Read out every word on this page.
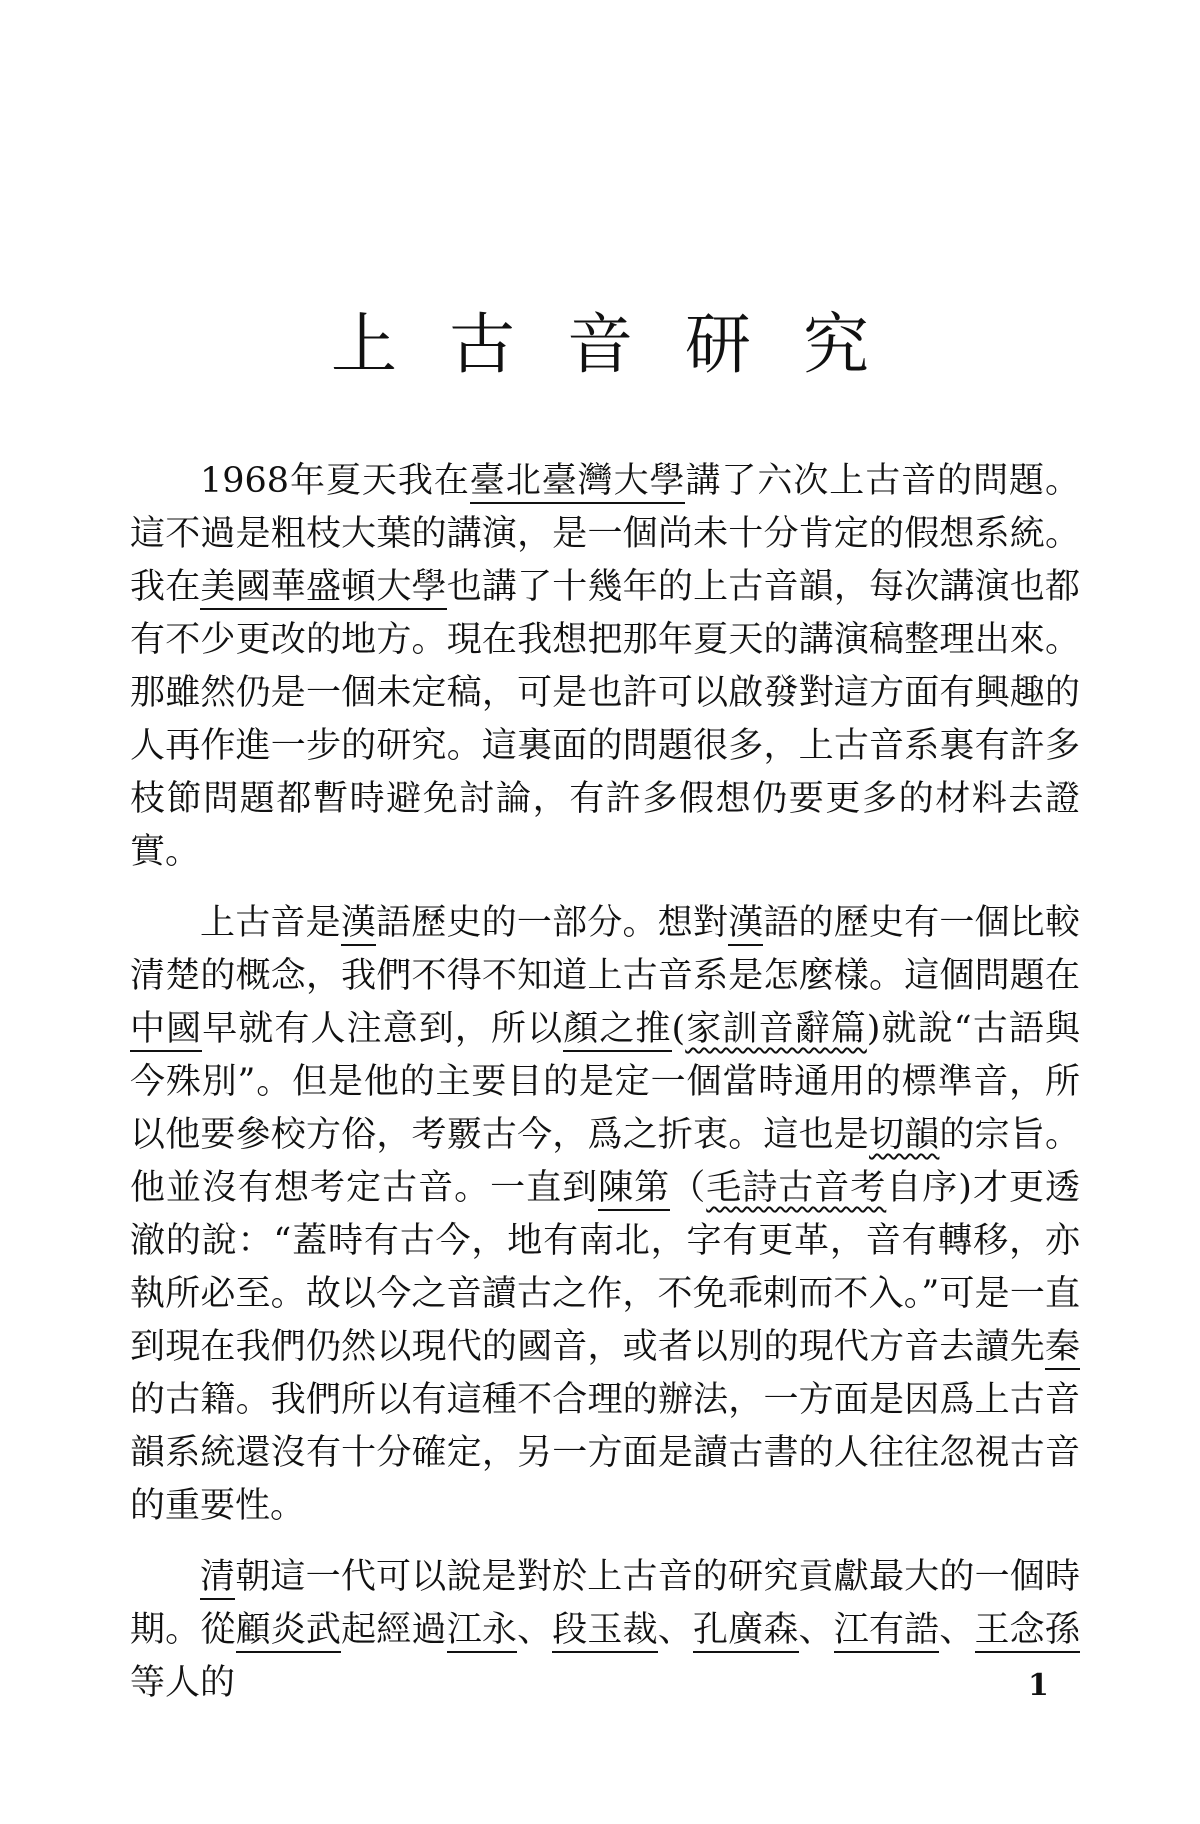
上古音研究

1968年夏天我在臺北臺灣大學講了六次上古音的問題。這不過是粗枝大葉的講演，是一個尚未十分肯定的假想系統。我在美國華盛頓大學也講了十幾年的上古音韻，每次講演也都有不少更改的地方。現在我想把那年夏天的講演稿整理出來。那雖然仍是一個未定稿，可是也許可以啟發對這方面有興趣的人再作進一步的研究。這裏面的問題很多，上古音系裏有許多枝節問題都暫時避免討論，有許多假想仍要更多的材料去證實。

上古音是漢語歷史的一部分。想對漢語的歷史有一個比較清楚的概念，我們不得不知道上古音系是怎麼樣。這個問題在中國早就有人注意到，所以顏之推(家訓音辭篇)就說“古語與今殊別”。但是他的主要目的是定一個當時通用的標準音，所以他要參校方俗，考覈古今，爲之折衷。這也是切韻的宗旨。他並沒有想考定古音。一直到陳第（毛詩古音考自序)才更透澈的說：“蓋時有古今，地有南北，字有更革，音有轉移，亦執所必至。故以今之音讀古之作，不免乖剌而不入。”可是一直到現在我們仍然以現代的國音，或者以別的現代方音去讀先秦的古籍。我們所以有這種不合理的辦法，一方面是因爲上古音韻系統還沒有十分確定，另一方面是讀古書的人往往忽視古音的重要性。

清朝這一代可以說是對於上古音的研究貢獻最大的一個時期。從顧炎武起經過江永、段玉裁、孔廣森、江有誥、王念孫等人的	1
